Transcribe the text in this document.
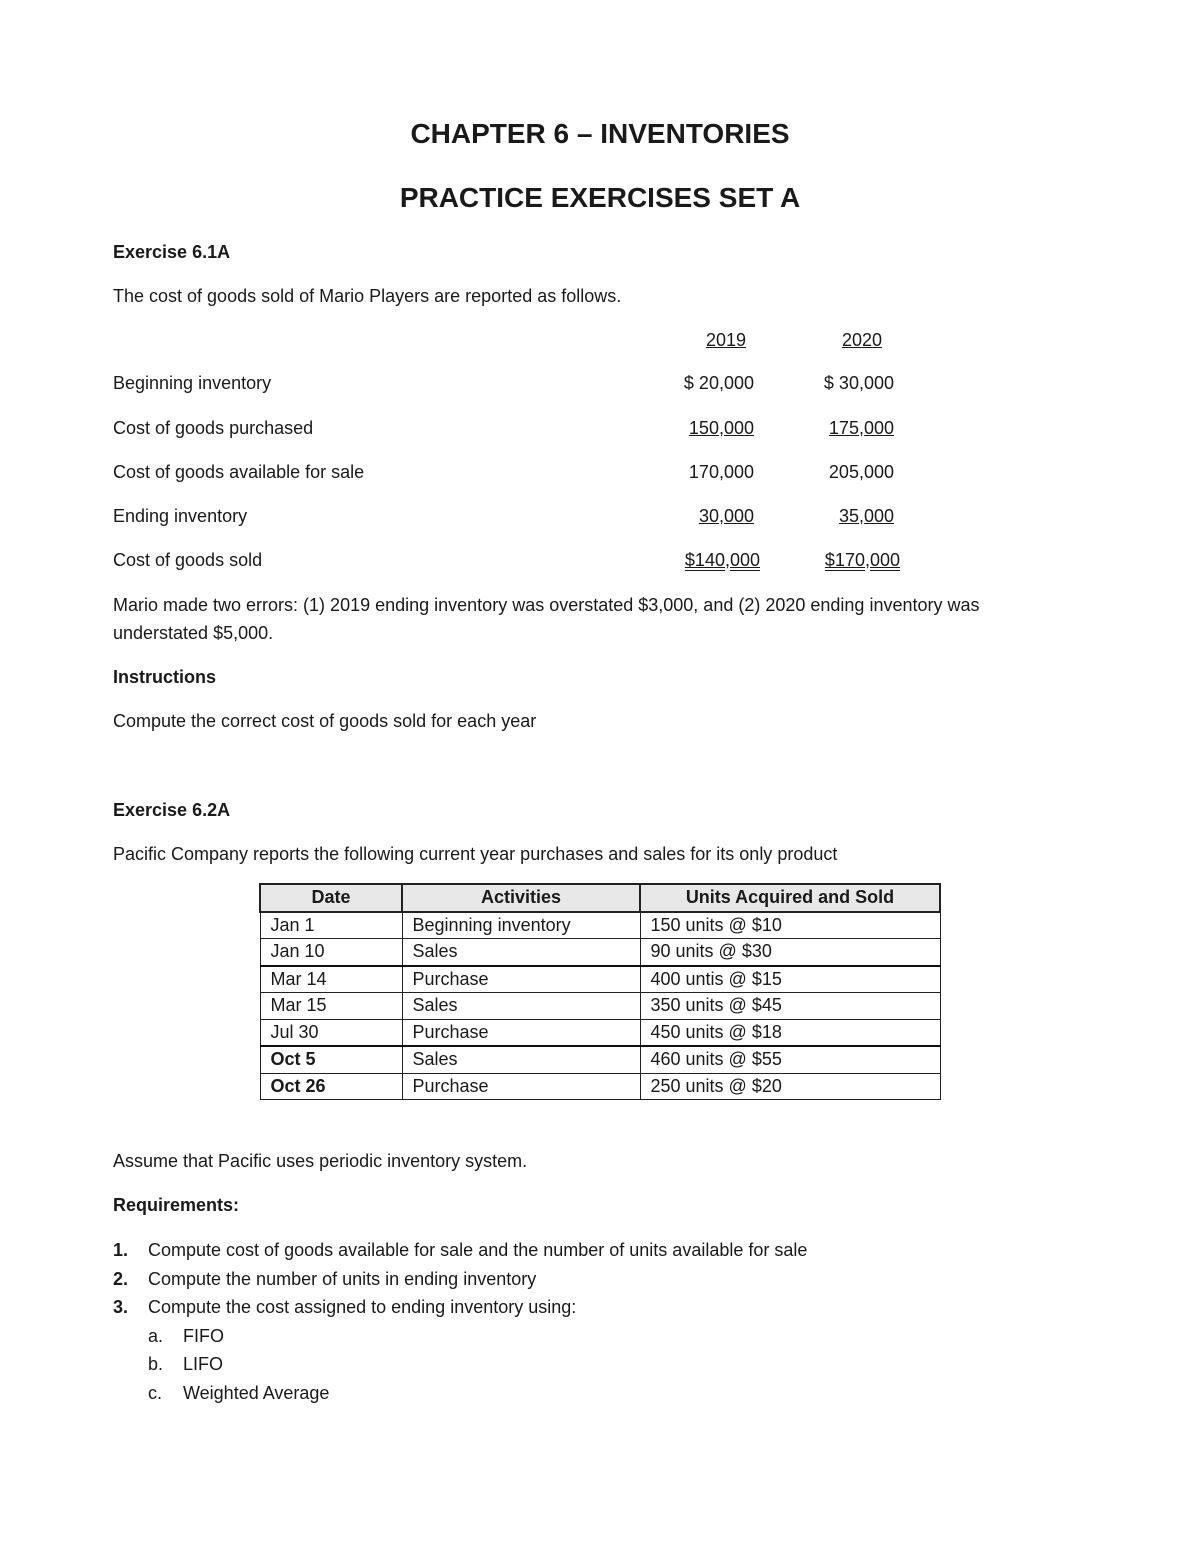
CHAPTER 6 – INVENTORIES
PRACTICE EXERCISES SET A
Exercise 6.1A
The cost of goods sold of Mario Players are reported as follows.
2019	2020
Beginning inventory	$ 20,000	$ 30,000
Cost of goods purchased	150,000	175,000
Cost of goods available for sale	170,000	205,000
Ending inventory	30,000	35,000
Cost of goods sold	$140,000	$170,000
Mario made two errors: (1) 2019 ending inventory was overstated $3,000, and (2) 2020 ending inventory was
understated $5,000.
Instructions
Compute the correct cost of goods sold for each year
Exercise 6.2A
Pacific Company reports the following current year purchases and sales for its only product
Date	Activities	Units Acquired and Sold
Jan 1	Beginning inventory	150 units @ $10
Jan 10	Sales	90 units @ $30
Mar 14	Purchase	400 untis @ $15
Mar 15	Sales	350 units @ $45
Jul 30	Purchase	450 units @ $18
Oct 5	Sales	460 units @ $55
Oct 26	Purchase	250 units @ $20
Assume that Pacific uses periodic inventory system.
Requirements:
1.	Compute cost of goods available for sale and the number of units available for sale
2.	Compute the number of units in ending inventory
3.	Compute the cost assigned to ending inventory using:
a.	FIFO
b.	LIFO
c.	Weighted Average
